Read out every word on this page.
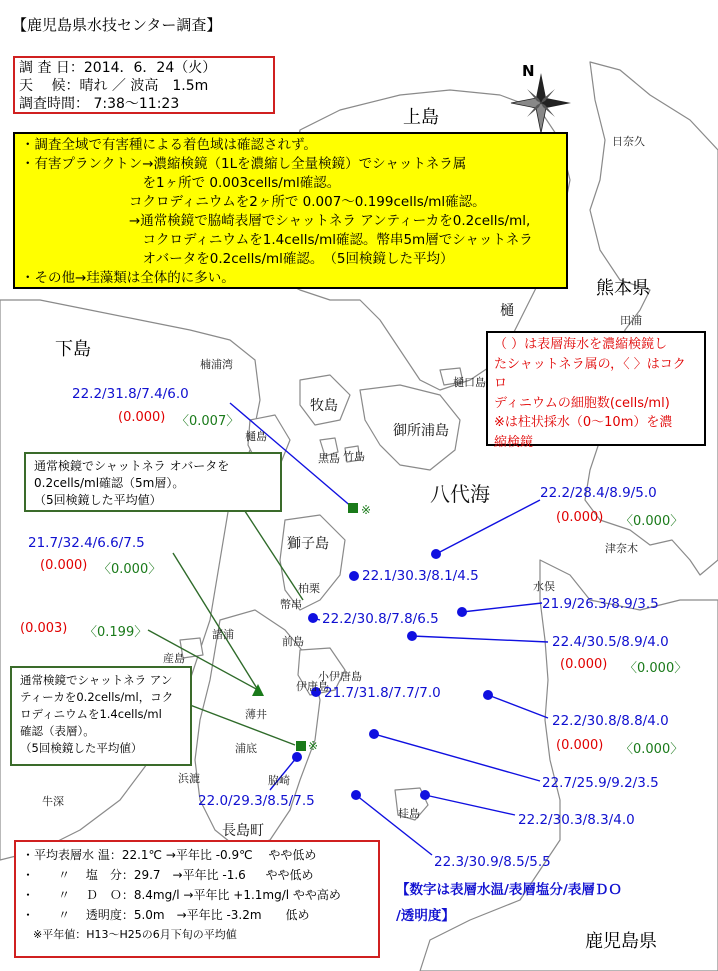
【鹿児島県水技センター調査】
調 査 日：2014．6．24（火）
天　 候：晴れ ／ 波高　1.5m
調査時間： 7:38～11:23
N
上島
熊本県
下島
八代海
鹿児島県
日奈久
樋
田浦
樋口島
楠浦湾
牧島
御所浦島
樋島
黒島 竹島
獅子島	津奈木
柏栗	水俣
幣串
前島
諸浦
産島
小伊唐島
伊唐島
薄井
浦底
浜漉	脇崎
牛深
桂島
長島町
・調査全域で有害種による着色域は確認されず。
・有害プランクトン→濃縮検鏡（1Lを濃縮し全量検鏡）でシャットネラ属
　　　　　　　　　を1ヶ所で 0.003cells/ml確認。
　　　　　　　　コクロディニウムを2ヶ所で 0.007～0.199cells/ml確認。
　　　　　　　　→通常検鏡で脇崎表層でシャットネラ アンティーカを0.2cells/ml,
　　　　　　　　　コクロディニウムを1.4cells/ml確認。幣串5m層でシャットネラ
　　　　　　　　　オバータを0.2cells/ml確認。　（5回検鏡した平均）
・その他→珪藻類は全体的に多い。
（ ）は表層海水を濃縮検鏡し
たシャットネラ属の，〈 〉はコクロ
ディニウムの細胞数(cells/ml)
※は柱状採水（0～10m）を濃
縮検鏡
通常検鏡でシャットネラ オバータを
0.2cells/ml確認（5m層）。
（5回検鏡した平均値）
通常検鏡でシャットネラ アン
ティーカを0.2cells/ml，コク
ロディニウムを1.4cells/ml
確認（表層）。
（5回検鏡した平均値）
22.2/31.8/7.4/6.0
(0.000) 〈0.007〉
21.7/32.4/6.6/7.5
(0.000) 〈0.000〉
(0.003) 〈0.199〉
22.2/28.4/8.9/5.0
(0.000) 〈0.000〉
22.1/30.3/8.1/4.5
22.2/30.8/7.8/6.5
21.9/26.3/8.9/3.5
22.4/30.5/8.9/4.0
(0.000) 〈0.000〉
21.7/31.8/7.7/7.0
22.2/30.8/8.8/4.0
(0.000) 〈0.000〉
22.7/25.9/9.2/3.5
22.0/29.3/8.5/7.5
22.2/30.3/8.3/4.0
22.3/30.9/8.5/5.5
【数字は表層水温/表層塩分/表層ＤＯ
/透明度】
・平均表層水 温：22.1℃ →平年比 -0.9℃　 やや低め
・　　〃　 塩　分：29.7　→平年比 -1.6 　 やや低め
・　　〃　 Ｄ　Ｏ：8.4mg/l →平年比 +1.1mg/l やや高め
・　　〃　 透明度：5.0m　→平年比 -3.2m　　低め
　※平年値：H13～H25の6月下旬の平均値
※
※
